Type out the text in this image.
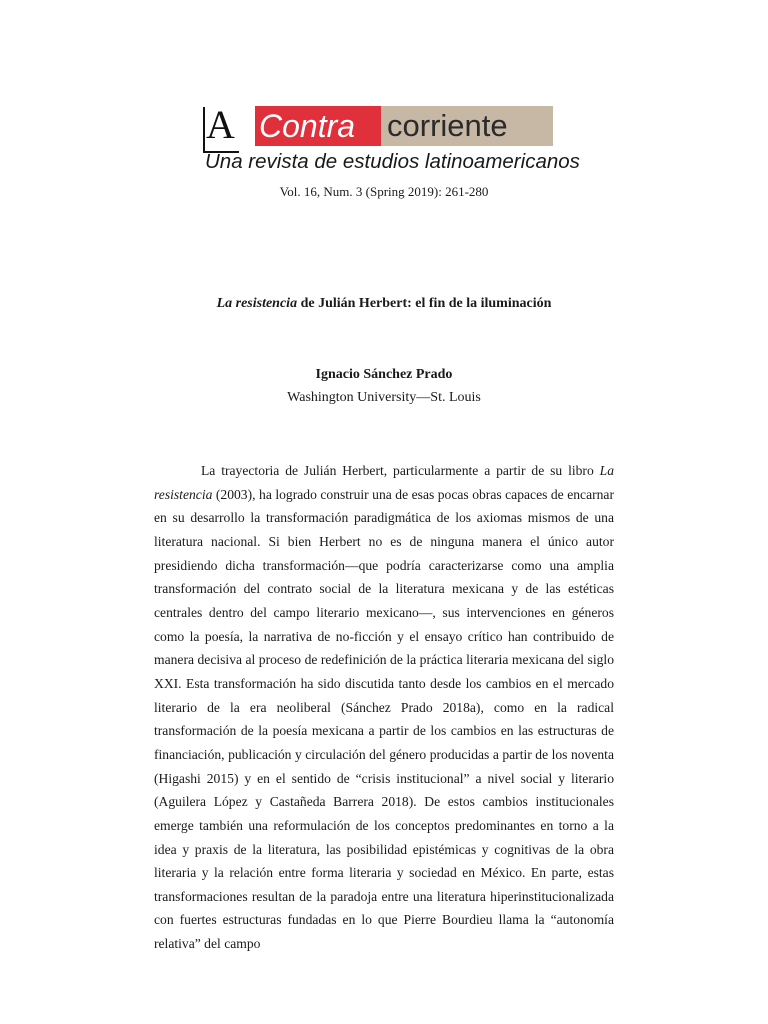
A Contra	corriente
Una revista de estudios latinoamericanos
Vol. 16, Num. 3 (Spring 2019): 261-280
La resistencia de Julián Herbert: el fin de la iluminación
Ignacio Sánchez Prado
Washington University—St. Louis

La trayectoria de Julián Herbert, particularmente a partir de su libro La resistencia (2003), ha logrado construir una de esas pocas obras capaces de encarnar en su desarrollo la transformación paradigmática de los axiomas mismos de una literatura nacional. Si bien Herbert no es de ninguna manera el único autor presidiendo dicha transformación—que podría caracterizarse como una amplia transformación del contrato social de la literatura mexicana y de las estéticas centrales dentro del campo literario mexicano—, sus intervenciones en géneros como la poesía, la narrativa de no-ficción y el ensayo crítico han contribuido de manera decisiva al proceso de redefinición de la práctica literaria mexicana del siglo XXI. Esta transformación ha sido discutida tanto desde los cambios en el mercado literario de la era neoliberal (Sánchez Prado 2018a), como en la radical transformación de la poesía mexicana a partir de los cambios en las estructuras de financiación, publicación y circulación del género producidas a partir de los noventa (Higashi 2015) y en el sentido de “crisis institucional” a nivel social y literario (Aguilera López y Castañeda Barrera 2018). De estos cambios institucionales emerge también una reformulación de los conceptos predominantes en torno a la idea y praxis de la literatura, las posibilidad epistémicas y cognitivas de la obra literaria y la relación entre forma literaria y sociedad en México. En parte, estas transformaciones resultan de la paradoja entre una literatura hiperinstitucionalizada con fuertes estructuras fundadas en lo que Pierre Bourdieu llama la “autonomía relativa” del campo
